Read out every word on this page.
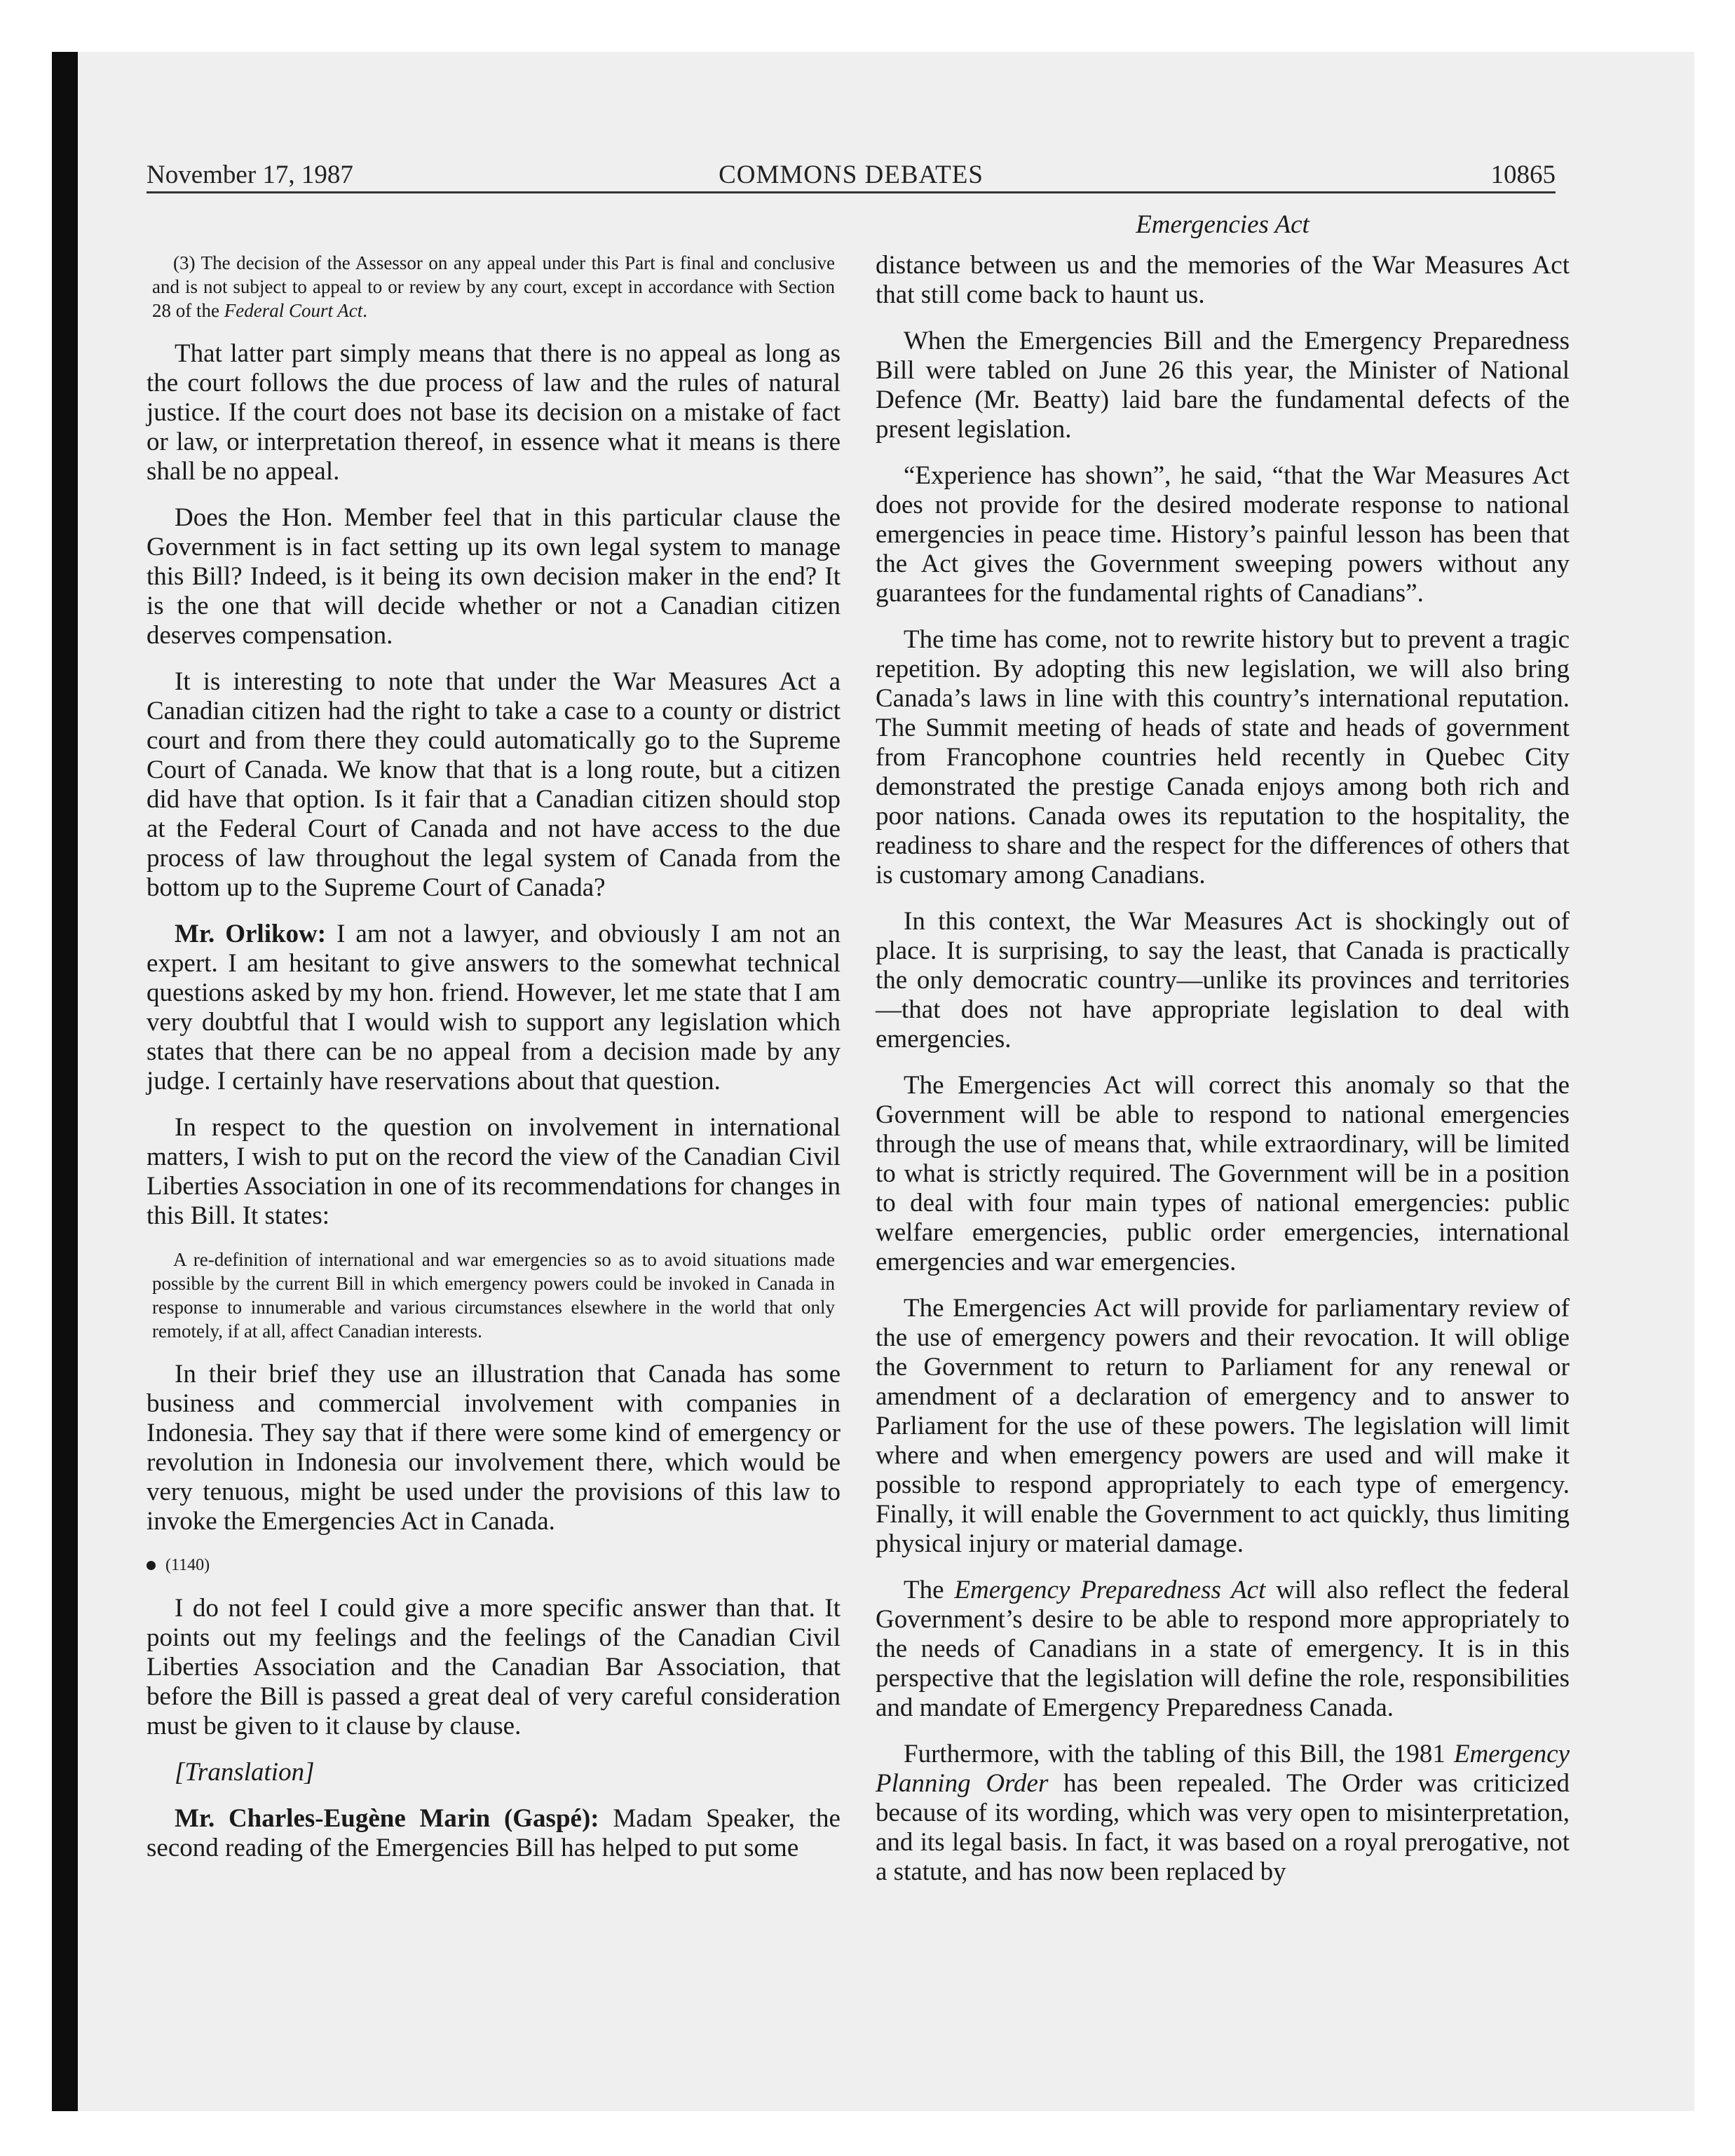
November 17, 1987	COMMONS DEBATES	10865
Emergencies Act

(3) The decision of the Assessor on any appeal under this Part is final and conclusive and is not subject to appeal to or review by any court, except in accordance with Section 28 of the Federal Court Act.

That latter part simply means that there is no appeal as long as the court follows the due process of law and the rules of natural justice. If the court does not base its decision on a mistake of fact or law, or interpretation thereof, in essence what it means is there shall be no appeal.

Does the Hon. Member feel that in this particular clause the Government is in fact setting up its own legal system to manage this Bill? Indeed, is it being its own decision maker in the end? It is the one that will decide whether or not a Canadian citizen deserves compensation.

It is interesting to note that under the War Measures Act a Canadian citizen had the right to take a case to a county or district court and from there they could automatically go to the Supreme Court of Canada. We know that that is a long route, but a citizen did have that option. Is it fair that a Canadian citizen should stop at the Federal Court of Canada and not have access to the due process of law throughout the legal system of Canada from the bottom up to the Supreme Court of Canada?

Mr. Orlikow: I am not a lawyer, and obviously I am not an expert. I am hesitant to give answers to the somewhat technical questions asked by my hon. friend. However, let me state that I am very doubtful that I would wish to support any legislation which states that there can be no appeal from a decision made by any judge. I certainly have reservations about that question.

In respect to the question on involvement in international matters, I wish to put on the record the view of the Canadian Civil Liberties Association in one of its recommendations for changes in this Bill. It states:

A re-definition of international and war emergencies so as to avoid situations made possible by the current Bill in which emergency powers could be invoked in Canada in response to innumerable and various circumstances elsewhere in the world that only remotely, if at all, affect Canadian interests.

In their brief they use an illustration that Canada has some business and commercial involvement with companies in Indonesia. They say that if there were some kind of emergency or revolution in Indonesia our involvement there, which would be very tenuous, might be used under the provisions of this law to invoke the Emergencies Act in Canada.

(1140)

I do not feel I could give a more specific answer than that. It points out my feelings and the feelings of the Canadian Civil Liberties Association and the Canadian Bar Association, that before the Bill is passed a great deal of very careful consideration must be given to it clause by clause.

[Translation]

Mr. Charles-Eugène Marin (Gaspé): Madam Speaker, the second reading of the Emergencies Bill has helped to put some

distance between us and the memories of the War Measures Act that still come back to haunt us.

When the Emergencies Bill and the Emergency Preparedness Bill were tabled on June 26 this year, the Minister of National Defence (Mr. Beatty) laid bare the fundamental defects of the present legislation.

“Experience has shown”, he said, “that the War Measures Act does not provide for the desired moderate response to national emergencies in peace time. History’s painful lesson has been that the Act gives the Government sweeping powers without any guarantees for the fundamental rights of Canadians”.

The time has come, not to rewrite history but to prevent a tragic repetition. By adopting this new legislation, we will also bring Canada’s laws in line with this country’s international reputation. The Summit meeting of heads of state and heads of government from Francophone countries held recently in Quebec City demonstrated the prestige Canada enjoys among both rich and poor nations. Canada owes its reputation to the hospitality, the readiness to share and the respect for the differences of others that is customary among Canadians.

In this context, the War Measures Act is shockingly out of place. It is surprising, to say the least, that Canada is practically the only democratic country—unlike its provinces and territories—that does not have appropriate legislation to deal with emergencies.

The Emergencies Act will correct this anomaly so that the Government will be able to respond to national emergencies through the use of means that, while extraordinary, will be limited to what is strictly required. The Government will be in a position to deal with four main types of national emergencies: public welfare emergencies, public order emergencies, international emergencies and war emergencies.

The Emergencies Act will provide for parliamentary review of the use of emergency powers and their revocation. It will oblige the Government to return to Parliament for any renewal or amendment of a declaration of emergency and to answer to Parliament for the use of these powers. The legislation will limit where and when emergency powers are used and will make it possible to respond appropriately to each type of emergency. Finally, it will enable the Government to act quickly, thus limiting physical injury or material damage.

The Emergency Preparedness Act will also reflect the federal Government’s desire to be able to respond more appropriately to the needs of Canadians in a state of emergency. It is in this perspective that the legislation will define the role, responsibilities and mandate of Emergency Preparedness Canada.

Furthermore, with the tabling of this Bill, the 1981 Emergency Planning Order has been repealed. The Order was criticized because of its wording, which was very open to misinterpretation, and its legal basis. In fact, it was based on a royal prerogative, not a statute, and has now been replaced by
